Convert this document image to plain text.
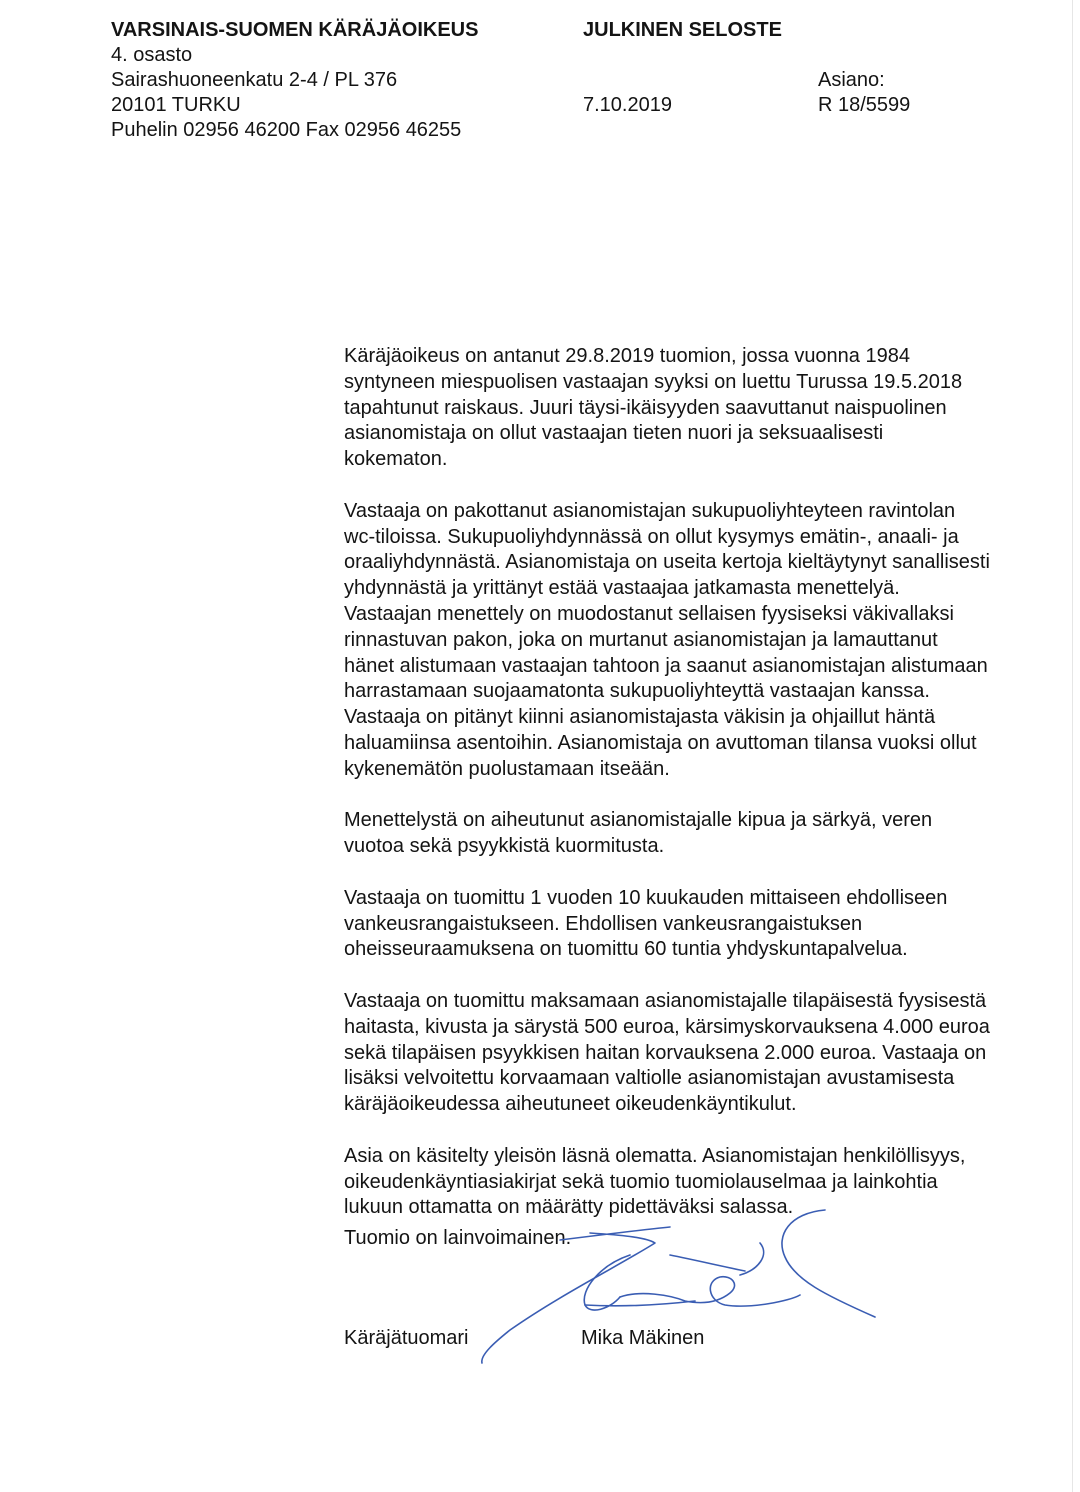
VARSINAIS-SUOMEN KÄRÄJÄOIKEUS
4. osasto
Sairashuoneenkatu 2-4 / PL 376
20101 TURKU
Puhelin 02956 46200 Fax 02956 46255
JULKINEN SELOSTE
7.10.2019
Asiano:
R 18/5599
Käräjäoikeus on antanut 29.8.2019 tuomion, jossa vuonna 1984
syntyneen miespuolisen vastaajan syyksi on luettu Turussa 19.5.2018
tapahtunut raiskaus. Juuri täysi-ikäisyyden saavuttanut naispuolinen
asianomistaja on ollut vastaajan tieten nuori ja seksuaalisesti
kokematon.
Vastaaja on pakottanut asianomistajan sukupuoliyhteyteen ravintolan
wc-tiloissa. Sukupuoliyhdynnässä on ollut kysymys emätin-, anaali- ja
oraaliyhdynnästä. Asianomistaja on useita kertoja kieltäytynyt sanallisesti
yhdynnästä ja yrittänyt estää vastaajaa jatkamasta menettelyä.
Vastaajan menettely on muodostanut sellaisen fyysiseksi väkivallaksi
rinnastuvan pakon, joka on murtanut asianomistajan ja lamauttanut
hänet alistumaan vastaajan tahtoon ja saanut asianomistajan alistumaan
harrastamaan suojaamatonta sukupuoliyhteyttä vastaajan kanssa.
Vastaaja on pitänyt kiinni asianomistajasta väkisin ja ohjaillut häntä
haluamiinsa asentoihin. Asianomistaja on avuttoman tilansa vuoksi ollut
kykenemätön puolustamaan itseään.
Menettelystä on aiheutunut asianomistajalle kipua ja särkyä, veren
vuotoa sekä psyykkistä kuormitusta.
Vastaaja on tuomittu 1 vuoden 10 kuukauden mittaiseen ehdolliseen
vankeusrangaistukseen. Ehdollisen vankeusrangaistuksen
oheisseuraamuksena on tuomittu 60 tuntia yhdyskuntapalvelua.
Vastaaja on tuomittu maksamaan asianomistajalle tilapäisestä fyysisestä
haitasta, kivusta ja särystä 500 euroa, kärsimyskorvauksena 4.000 euroa
sekä tilapäisen psyykkisen haitan korvauksena 2.000 euroa. Vastaaja on
lisäksi velvoitettu korvaamaan valtiolle asianomistajan avustamisesta
käräjäoikeudessa aiheutuneet oikeudenkäyntikulut.
Asia on käsitelty yleisön läsnä olematta. Asianomistajan henkilöllisyys,
oikeudenkäyntiasiakirjat sekä tuomio tuomiolauselmaa ja lainkohtia
lukuun ottamatta on määrätty pidettäväksi salassa.
Tuomio on lainvoimainen.
Käräjätuomari	Mika Mäkinen
